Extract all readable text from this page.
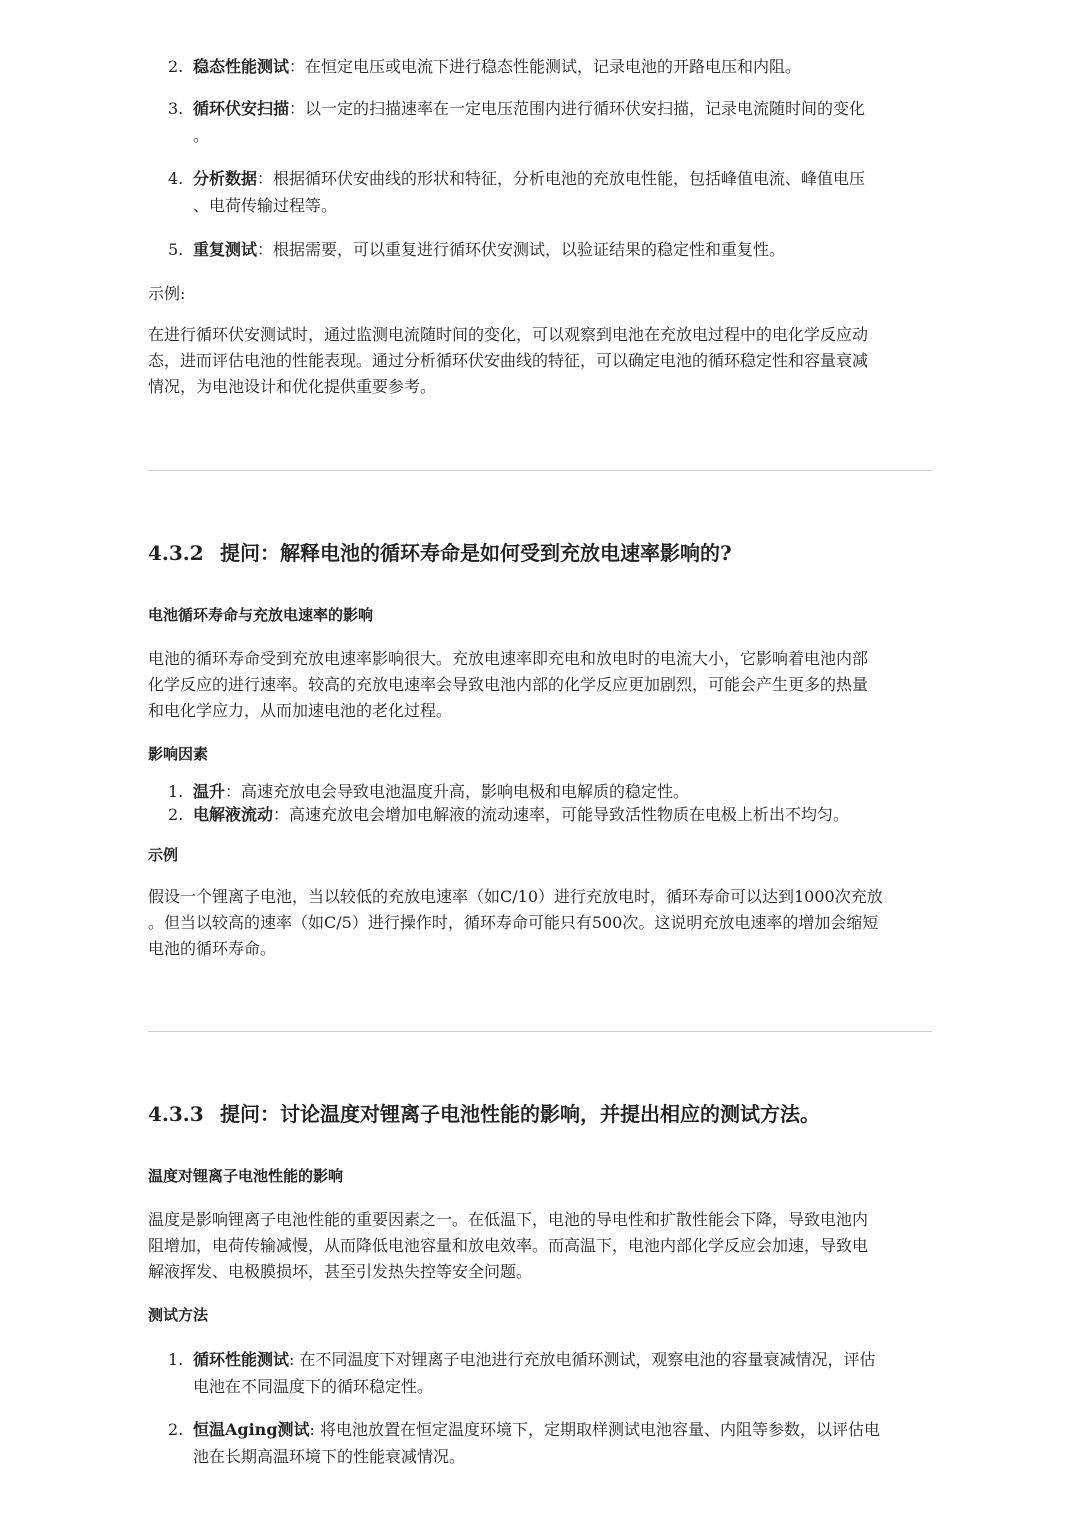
2. 稳态性能测试：在恒定电压或电流下进行稳态性能测试，记录电池的开路电压和内阻。
3. 循环伏安扫描：以一定的扫描速率在一定电压范围内进行循环伏安扫描，记录电流随时间的变化
。
4. 分析数据：根据循环伏安曲线的形状和特征，分析电池的充放电性能，包括峰值电流、峰值电压
、电荷传输过程等。
5. 重复测试：根据需要，可以重复进行循环伏安测试，以验证结果的稳定性和重复性。

示例:

在进行循环伏安测试时，通过监测电流随时间的变化，可以观察到电池在充放电过程中的电化学反应动

态，进而评估电池的性能表现。通过分析循环伏安曲线的特征，可以确定电池的循环稳定性和容量衰减

情况，为电池设计和优化提供重要参考。

4.3.2 提问：解释电池的循环寿命是如何受到充放电速率影响的?

电池循环寿命与充放电速率的影响

电池的循环寿命受到充放电速率影响很大。充放电速率即充电和放电时的电流大小，它影响着电池内部

化学反应的进行速率。较高的充放电速率会导致电池内部的化学反应更加剧烈，可能会产生更多的热量

和电化学应力，从而加速电池的老化过程。

影响因素

1. 温升：高速充放电会导致电池温度升高，影响电极和电解质的稳定性。
2. 电解液流动：高速充放电会增加电解液的流动速率，可能导致活性物质在电极上析出不均匀。

示例

假设一个锂离子电池，当以较低的充放电速率（如C/10）进行充放电时，循环寿命可以达到1000次充放

。但当以较高的速率（如C/5）进行操作时，循环寿命可能只有500次。这说明充放电速率的增加会缩短

电池的循环寿命。

4.3.3 提问：讨论温度对锂离子电池性能的影响，并提出相应的测试方法。

温度对锂离子电池性能的影响

温度是影响锂离子电池性能的重要因素之一。在低温下，电池的导电性和扩散性能会下降，导致电池内

阻增加，电荷传输减慢，从而降低电池容量和放电效率。而高温下，电池内部化学反应会加速，导致电

解液挥发、电极膜损坏，甚至引发热失控等安全问题。

测试方法

1. 循环性能测试: 在不同温度下对锂离子电池进行充放电循环测试，观察电池的容量衰减情况，评估
电池在不同温度下的循环稳定性。
2. 恒温Aging测试: 将电池放置在恒定温度环境下，定期取样测试电池容量、内阻等参数，以评估电
池在长期高温环境下的性能衰减情况。
